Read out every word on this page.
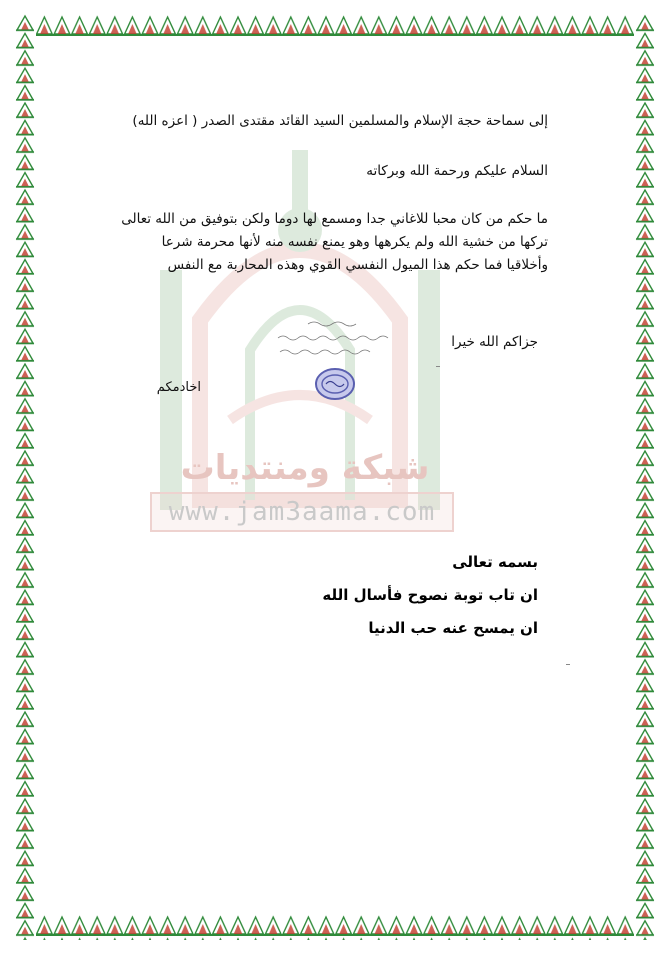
شبكة ومنتديات
www.jam3aama.com
إلى سماحة حجة الإسلام والمسلمين السيد القائد مقتدى الصدر ( اعزه الله)
السلام عليكم ورحمة الله وبركاته
ما حكم من كان محبا للاغاني جدا ومسمع لها دوما ولكن بتوفيق من الله تعالى تركها من خشية الله ولم يكرهها وهو يمنع نفسه منه لأنها محرمة شرعا وأخلاقيا فما حكم هذا الميول النفسي القوي وهذه المحاربة مع النفس
جزاكم الله خيرا
اخادمكم
بسمه تعالى
ان تاب توبة نصوح فأسال الله
ان يمسح عنه حب الدنيا
